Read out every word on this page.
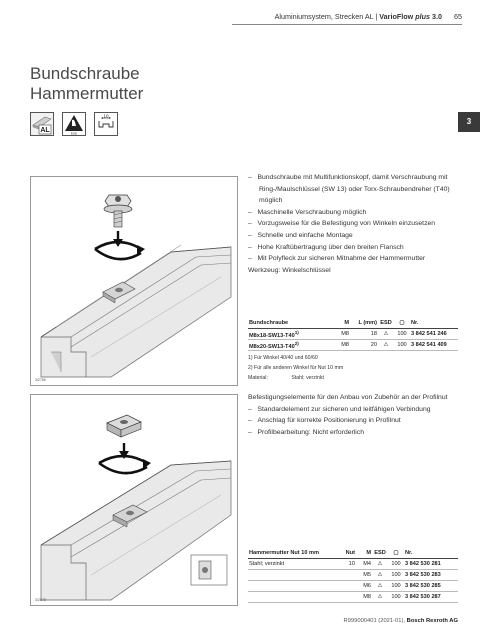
Aluminiumsystem, Strecken AL | VarioFlow plus 3.0 65
Bundschraube
Hammermutter
3
AL	ESD
10
3/2756
–   Bundschraube mit Multifunktionskopf, damit Verschraubung mit Ring-/Maulschlüssel (SW 13) oder Torx-Schraubendreher (T40) möglich
–   Maschinelle Verschraubung möglich
–   Vorzugsweise für die Befestigung von Winkeln einzusetzen
–   Schnelle und einfache Montage
–   Hohe Kraftübertragung über den breiten Flansch
–   Mit Polyfleck zur sicheren Mitnahme der Hammermutter
Werkzeug: Winkelschlüssel
Bundschraube	M	L (mm)	ESD	▢	Nr.
M8x18-SW13-T40$^{1)}$	M8	18	⚠	100	3 842 541 246
M8x20-SW13-T40$^{2)}$	M8	20	⚠	100	3 842 541 409
1) Für Winkel 40/40 und 60/60
2) Für alle anderen Winkel für Nut 10 mm
Material:	Stahl; verzinkt
3/2878
Befestigungselemente für den Anbau von Zubehör an der Profilnut
–   Standardelement zur sicheren und leitfähigen Verbindung
–   Anschlag für korrekte Positionierung in Profilnut
–   Profilbearbeitung: Nicht erforderlich
Hammermutter Nut 10 mm	Nut	M	ESD	▢	Nr.
Stahl; verzinkt	10	M4	⚠	100	3 842 530 281
		M5	⚠	100	3 842 530 283
		M6	⚠	100	3 842 530 285
		M8	⚠	100	3 842 530 287
R999000401 (2021-01), Bosch Rexroth AG
